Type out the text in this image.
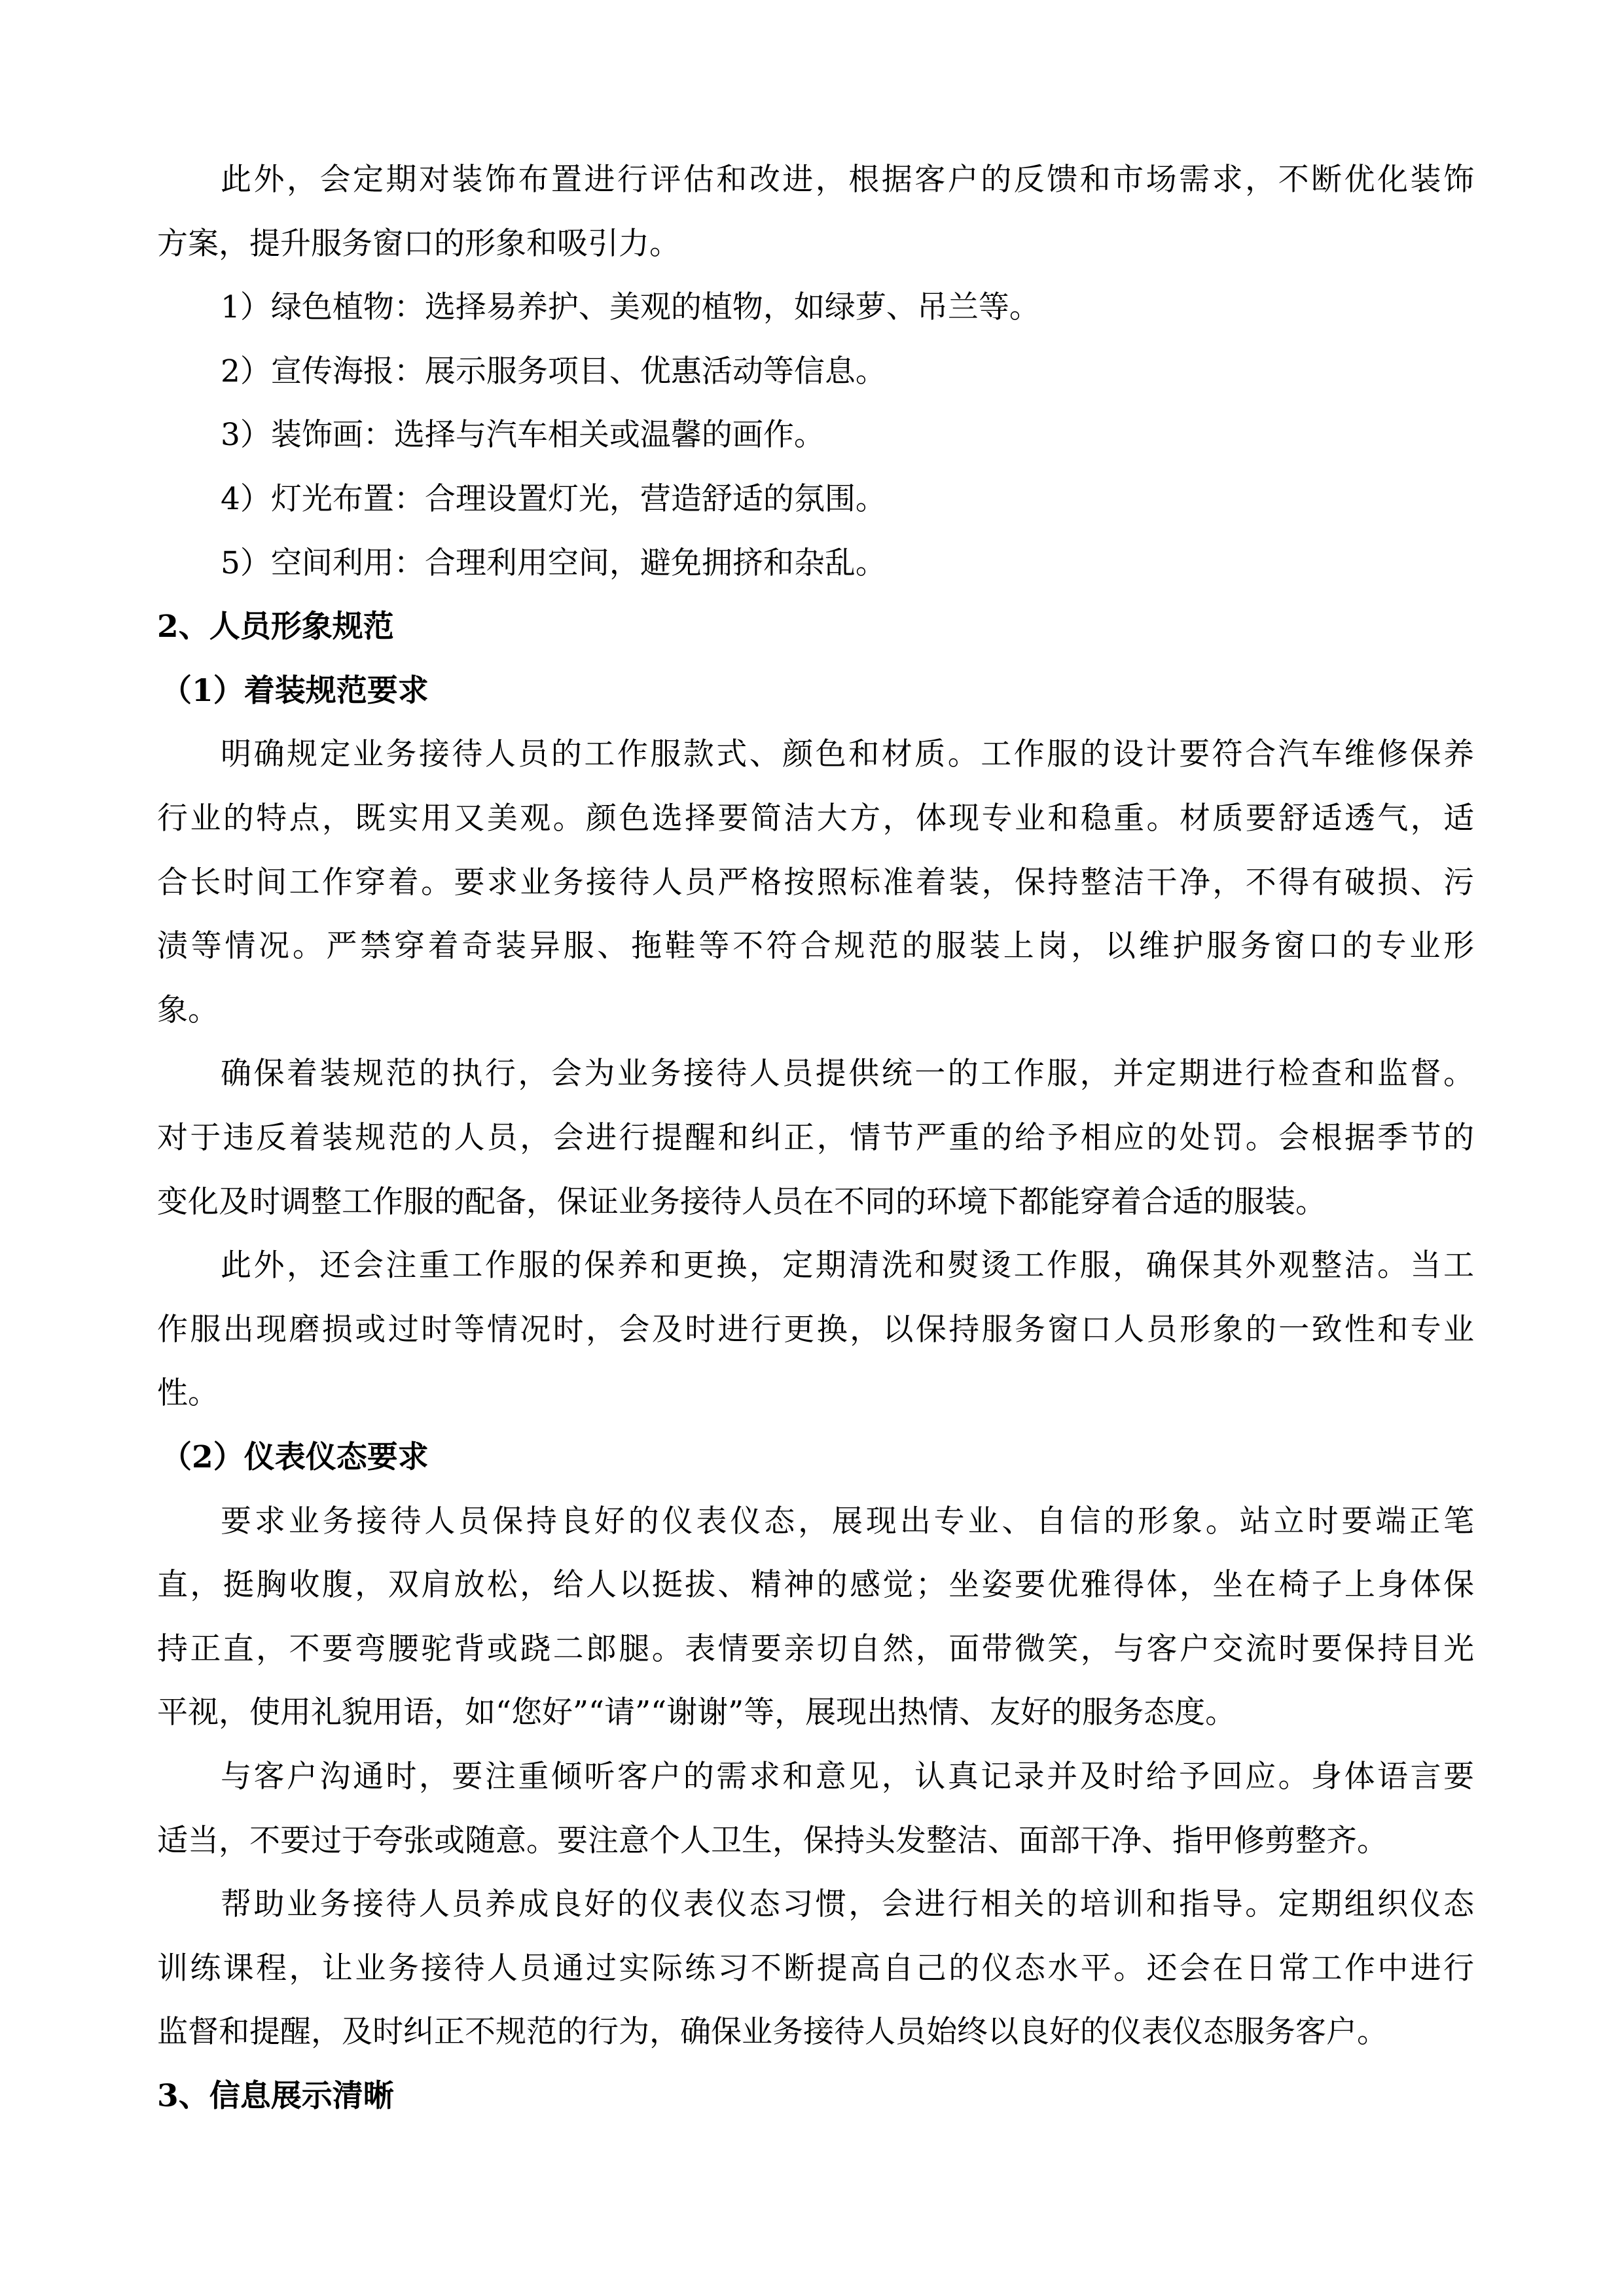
此外，会定期对装饰布置进行评估和改进，根据客户的反馈和市场需求，不断优化装饰
方案，提升服务窗口的形象和吸引力。
1）绿色植物：选择易养护、美观的植物，如绿萝、吊兰等。
2）宣传海报：展示服务项目、优惠活动等信息。
3）装饰画：选择与汽车相关或温馨的画作。
4）灯光布置：合理设置灯光，营造舒适的氛围。
5）空间利用：合理利用空间，避免拥挤和杂乱。
2、人员形象规范
（1）着装规范要求
明确规定业务接待人员的工作服款式、颜色和材质。工作服的设计要符合汽车维修保养
行业的特点，既实用又美观。颜色选择要简洁大方，体现专业和稳重。材质要舒适透气，适
合长时间工作穿着。要求业务接待人员严格按照标准着装，保持整洁干净，不得有破损、污
渍等情况。严禁穿着奇装异服、拖鞋等不符合规范的服装上岗，以维护服务窗口的专业形
象。
确保着装规范的执行，会为业务接待人员提供统一的工作服，并定期进行检查和监督。
对于违反着装规范的人员，会进行提醒和纠正，情节严重的给予相应的处罚。会根据季节的
变化及时调整工作服的配备，保证业务接待人员在不同的环境下都能穿着合适的服装。
此外，还会注重工作服的保养和更换，定期清洗和熨烫工作服，确保其外观整洁。当工
作服出现磨损或过时等情况时，会及时进行更换，以保持服务窗口人员形象的一致性和专业
性。
（2）仪表仪态要求
要求业务接待人员保持良好的仪表仪态，展现出专业、自信的形象。站立时要端正笔
直，挺胸收腹，双肩放松，给人以挺拔、精神的感觉；坐姿要优雅得体，坐在椅子上身体保
持正直，不要弯腰驼背或跷二郎腿。表情要亲切自然，面带微笑，与客户交流时要保持目光
平视，使用礼貌用语，如“您好”“请”“谢谢”等，展现出热情、友好的服务态度。
与客户沟通时，要注重倾听客户的需求和意见，认真记录并及时给予回应。身体语言要
适当，不要过于夸张或随意。要注意个人卫生，保持头发整洁、面部干净、指甲修剪整齐。
帮助业务接待人员养成良好的仪表仪态习惯，会进行相关的培训和指导。定期组织仪态
训练课程，让业务接待人员通过实际练习不断提高自己的仪态水平。还会在日常工作中进行
监督和提醒，及时纠正不规范的行为，确保业务接待人员始终以良好的仪表仪态服务客户。
3、信息展示清晰
